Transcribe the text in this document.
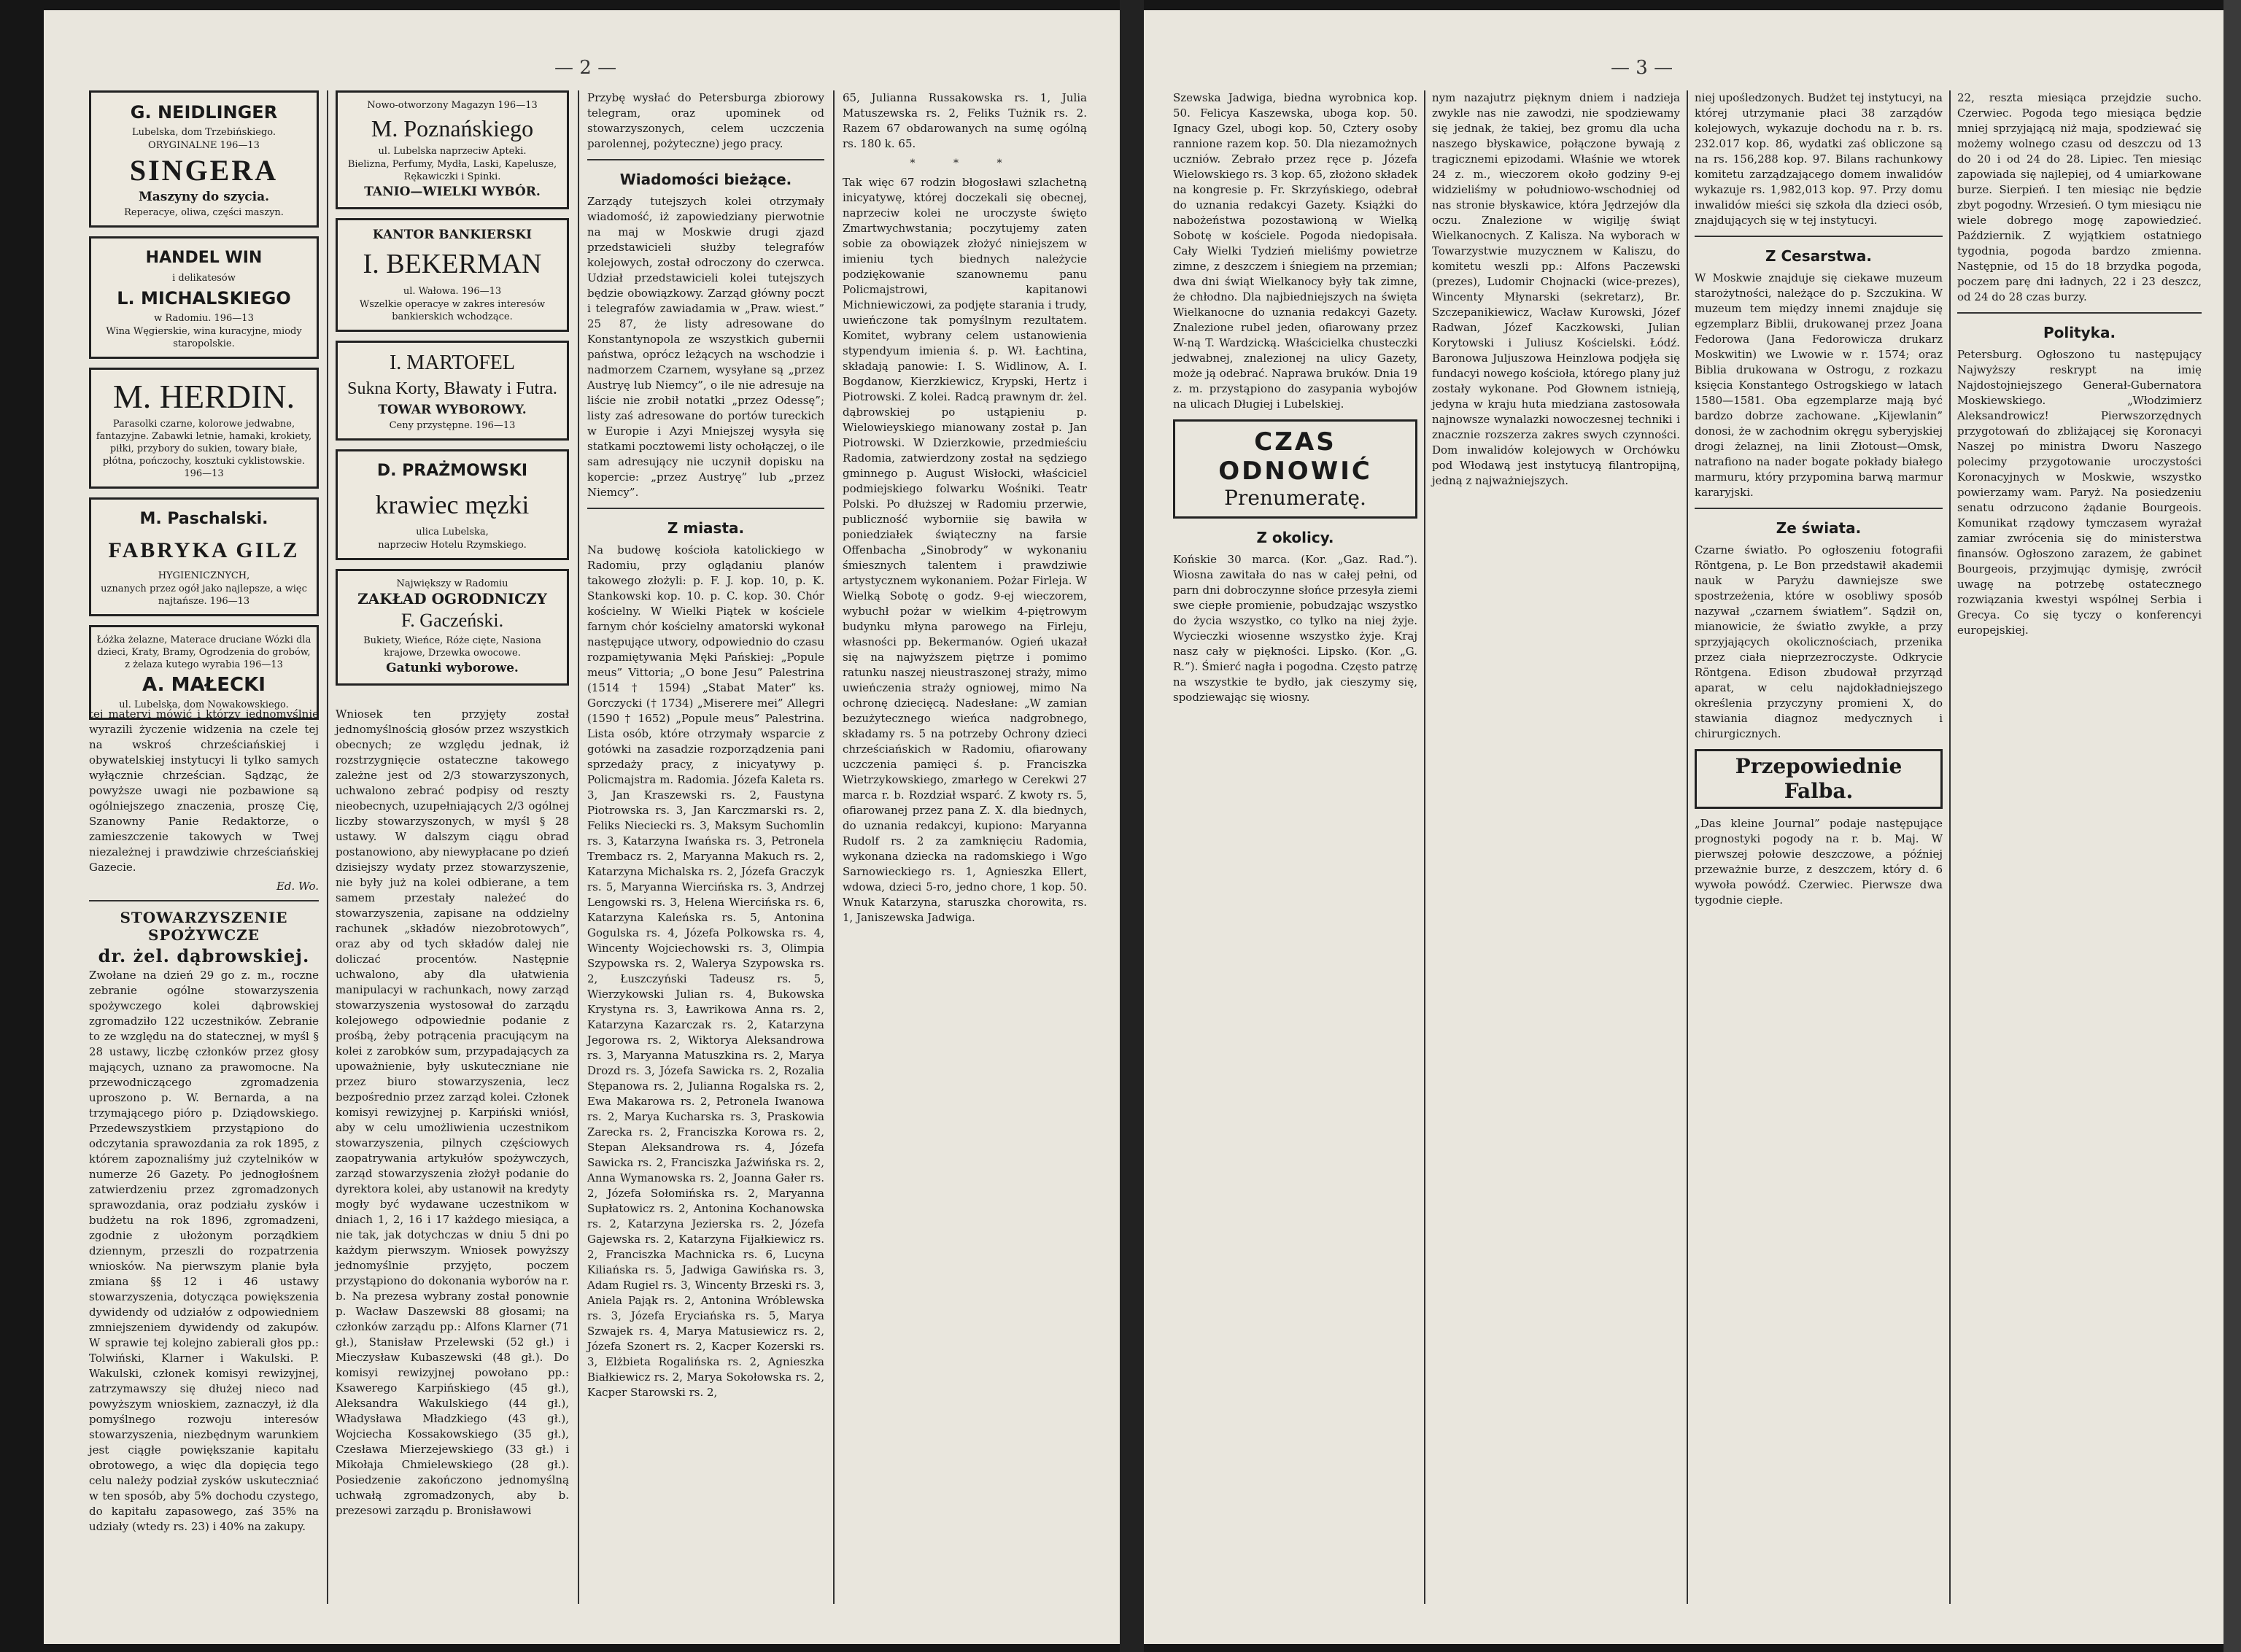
— 2 —
G. NEIDLINGER
Lubelska, dom Trzebińskiego.
ORYGINALNE 196—13
SINGERA
Maszyny do szycia.
Reperacye, oliwa, części maszyn.
HANDEL WIN
i delikatesów
L. MICHALSKIEGO
w Radomiu. 196—13
Wina Węgierskie, wina kuracyjne, miody staropolskie.
M. HERDIN.
Parasolki czarne, kolorowe jedwabne, fantazyjne. Zabawki letnie, hamaki, krokiety, piłki, przybory do sukien, towary białe, płótna, pończochy, kosztuki cyklistowskie. 196—13
M. Paschalski.
FABRYKA GILZ
HYGIENICZNYCH,
uznanych przez ogół jako najlepsze, a więc najtańsze. 196—13
Łóżka żelazne, Materace druciane Wózki dla dzieci, Kraty, Bramy, Ogrodzenia do grobów, z żelaza kutego wyrabia 196—13
A. MAŁECKI
ul. Lubelska, dom Nowakowskiego.
Nowo-otworzony Magazyn 196—13
M. Poznańskiego
ul. Lubelska naprzeciw Apteki.
Bielizna, Perfumy, Mydła, Laski, Kapelusze, Rękawiczki i Spinki.
TANIO—WIELKI WYBÓR.
KANTOR BANKIERSKI
I. BEKERMAN
ul. Wałowa. 196—13
Wszelkie operacye w zakres interesów bankierskich wchodzące.
I. MARTOFEL
Sukna Korty, Bławaty i Futra.
TOWAR WYBOROWY.
Ceny przystępne. 196—13
D. PRAŻMOWSKI
krawiec męzki
ulica Lubelska,
naprzeciw Hotelu Rzymskiego.
Największy w Radomiu
ZAKŁAD OGRODNICZY
F. Gaczeński.
Bukiety, Wieńce, Róże cięte, Nasiona krajowe, Drzewka owocowe.
Gatunki wyborowe.

tej materyi mówić i którzy jednomyślnie wyrazili życzenie widzenia na czele tej na wskroś chrześciańskiej i obywatelskiej instytucyi li tylko samych wyłącznie chrześcian. Sądząc, że powyższe uwagi nie pozbawione są ogólniejszego znaczenia, proszę Cię, Szanowny Panie Redaktorze, o zamieszczenie takowych w Twej niezależnej i prawdziwie chrześciańskiej Gazecie.

Ed. Wo.
STOWARZYSZENIE SPOŻYWCZE
dr. żel. dąbrowskiej.

Zwołane na dzień 29 go z. m., roczne zebranie ogólne stowarzyszenia spożywczego kolei dąbrowskiej zgromadziło 122 uczestników. Zebranie to ze względu na do statecznej, w myśl § 28 ustawy, liczbę członków przez głosy mających, uznano za prawomocne. Na przewodniczącego zgromadzenia uproszono p. W. Bernarda, a na trzymającego pióro p. Dziądowskiego. Przedewszystkiem przystąpiono do odczytania sprawozdania za rok 1895, z którem zapoznaliśmy już czytelników w numerze 26 Gazety. Po jednogłośnem zatwierdzeniu przez zgromadzonych sprawozdania, oraz podziału zysków i budżetu na rok 1896, zgromadzeni, zgodnie z ułożonym porządkiem dziennym, przeszli do rozpatrzenia wniosków. Na pierwszym planie była zmiana §§ 12 i 46 ustawy stowarzyszenia, dotycząca powiększenia dywidendy od udziałów z odpowiedniem zmniejszeniem dywidendy od zakupów. W sprawie tej kolejno zabierali głos pp.: Tolwiński, Klarner i Wakulski. P. Wakulski, członek komisyi rewizyjnej, zatrzymawszy się dłużej nieco nad powyższym wnioskiem, zaznaczył, iż dla pomyślnego rozwoju interesów stowarzyszenia, niezbędnym warunkiem jest ciągłe powiększanie kapitału obrotowego, a więc dla dopięcia tego celu należy podział zysków uskuteczniać w ten sposób, aby 5% dochodu czystego, do kapitału zapasowego, zaś 35% na udziały (wtedy rs. 23) i 40% na zakupy.

Wniosek ten przyjęty został jednomyślnością głosów przez wszystkich obecnych; ze względu jednak, iż rozstrzygnięcie ostateczne takowego zależne jest od 2/3 stowarzyszonych, uchwalono zebrać podpisy od reszty nieobecnych, uzupełniających 2/3 ogólnej liczby stowarzyszonych, w myśl § 28 ustawy. W dalszym ciągu obrad postanowiono, aby niewypłacane po dzień dzisiejszy wydaty przez stowarzyszenie, nie były już na kolei odbierane, a tem samem przestały należeć do stowarzyszenia, zapisane na oddzielny rachunek „składów niezobrotowych”, oraz aby od tych składów dalej nie doliczać procentów. Następnie uchwalono, aby dla ułatwienia manipulacyi w rachunkach, nowy zarząd stowarzyszenia wystosował do zarządu kolejowego odpowiednie podanie z prośbą, żeby potrącenia pracującym na kolei z zarobków sum, przypadających za upoważnienie, były uskuteczniane nie przez biuro stowarzyszenia, lecz bezpośrednio przez zarząd kolei. Członek komisyi rewizyjnej p. Karpiński wniósł, aby w celu umożliwienia uczestnikom stowarzyszenia, pilnych częściowych zaopatrywania artykułów spożywczych, zarząd stowarzyszenia złożył podanie do dyrektora kolei, aby ustanowił na kredyty mogły być wydawane uczestnikom w dniach 1, 2, 16 i 17 każdego miesiąca, a nie tak, jak dotychczas w dniu 5 dni po każdym pierwszym. Wniosek powyższy jednomyślnie przyjęto, poczem przystąpiono do dokonania wyborów na r. b. Na prezesa wybrany został ponownie p. Wacław Daszewski 88 głosami; na członków zarządu pp.: Alfons Klarner (71 gł.), Stanisław Przelewski (52 gł.) i Mieczysław Kubaszewski (48 gł.). Do komisyi rewizyjnej powołano pp.: Ksawerego Karpińskiego (45 gł.), Aleksandra Wakulskiego (44 gł.), Władysława Mładzkiego (43 gł.), Wojciecha Kossakowskiego (35 gł.), Czesława Mierzejewskiego (33 gł.) i Mikołaja Chmielewskiego (28 gł.). Posiedzenie zakończono jednomyślną uchwałą zgromadzonych, aby b. prezesowi zarządu p. Bronisławowi

Przybę wysłać do Petersburga zbiorowy telegram, oraz upominek od stowarzyszonych, celem uczczenia parolennej, pożyteczne) jego pracy.

Wiadomości bieżące.

Zarządy tutejszych kolei otrzymały wiadomość, iż zapowiedziany pierwotnie na maj w Moskwie drugi zjazd przedstawicieli służby telegrafów kolejowych, został odroczony do czerwca. Udział przedstawicieli kolei tutejszych będzie obowiązkowy. Zarząd główny poczt i telegrafów zawiadamia w „Praw. wiest.” 25 87, że listy adresowane do Konstantynopola ze wszystkich gubernii państwa, oprócz leżących na wschodzie i nadmorzem Czarnem, wysyłane są „przez Austryę lub Niemcy”, o ile nie adresuje na liście nie zrobił notatki „przez Odessę”; listy zaś adresowane do portów tureckich w Europie i Azyi Mniejszej wysyła się statkami pocztowemi listy ochołączej, o ile sam adresujący nie uczynił dopisku na kopercie: „przez Austryę” lub „przez Niemcy”.

Z miasta.

Na budowę kościoła katolickiego w Radomiu, przy oglądaniu planów takowego złożyli: p. F. J. kop. 10, p. K. Stankowski kop. 10. p. C. kop. 30. Chór kościelny. W Wielki Piątek w kościele farnym chór kościelny amatorski wykonał następujące utwory, odpowiednio do czasu rozpamiętywania Męki Pańskiej: „Popule meus” Vittoria; „O bone Jesu” Palestrina (1514 † 1594) „Stabat Mater” ks. Gorczycki († 1734) „Miserere mei” Allegri (1590 † 1652) „Popule meus” Palestrina. Lista osób, które otrzymały wsparcie z gotówki na zasadzie rozporządzenia pani sprzedaży pracy, z inicyatywy p. Policmajstra m. Radomia. Józefa Kaleta rs. 3, Jan Kraszewski rs. 2, Faustyna Piotrowska rs. 3, Jan Karczmarski rs. 2, Feliks Nieciecki rs. 3, Maksym Suchomlin rs. 3, Katarzyna Iwańska rs. 3, Petronela Trembacz rs. 2, Maryanna Makuch rs. 2, Katarzyna Michalska rs. 2, Józefa Graczyk rs. 5, Maryanna Wiercińska rs. 3, Andrzej Lengowski rs. 3, Helena Wiercińska rs. 6, Katarzyna Kaleńska rs. 5, Antonina Gogulska rs. 4, Józefa Polkowska rs. 4, Wincenty Wojciechowski rs. 3, Olimpia Szypowska rs. 2, Walerya Szypowska rs. 2, Łuszczyński Tadeusz rs. 5, Wierzykowski Julian rs. 4, Bukowska Krystyna rs. 3, Ławrikowa Anna rs. 2, Katarzyna Kazarczak rs. 2, Katarzyna Jegorowa rs. 2, Wiktorya Aleksandrowa rs. 3, Maryanna Matuszkina rs. 2, Marya Drozd rs. 3, Józefa Sawicka rs. 2, Rozalia Stępanowa rs. 2, Julianna Rogalska rs. 2, Ewa Makarowa rs. 2, Petronela Iwanowa rs. 2, Marya Kucharska rs. 3, Praskowia Zarecka rs. 2, Franciszka Korowa rs. 2, Stepan Aleksandrowa rs. 4, Józefa Sawicka rs. 2, Franciszka Jaźwińska rs. 2, Anna Wymanowska rs. 2, Joanna Gałer rs. 2, Józefa Sołomińska rs. 2, Maryanna Supłatowicz rs. 2, Antonina Kochanowska rs. 2, Katarzyna Jezierska rs. 2, Józefa Gajewska rs. 2, Katarzyna Fijałkiewicz rs. 2, Franciszka Machnicka rs. 6, Lucyna Kiliańska rs. 5, Jadwiga Gawińska rs. 3, Adam Rugiel rs. 3, Wincenty Brzeski rs. 3, Aniela Pająk rs. 2, Antonina Wróblewska rs. 3, Józefa Eryciańska rs. 5, Marya Szwajek rs. 4, Marya Matusiewicz rs. 2, Józefa Szonert rs. 2, Kacper Kozerski rs. 3, Elżbieta Rogalińska rs. 2, Agnieszka Białkiewicz rs. 2, Marya Sokołowska rs. 2, Kacper Starowski rs. 2,

65, Julianna Russakowska rs. 1, Julia Matuszewska rs. 2, Feliks Tużnik rs. 2. Razem 67 obdarowanych na sumę ogólną rs. 180 k. 65.

* * *

Tak więc 67 rodzin błogosławi szlachetną inicyatywę, której doczekali się obecnej, naprzeciw kolei ne uroczyste święto Zmartwychwstania; poczytujemy zaten sobie za obowiązek złożyć niniejszem w imieniu tych biednych należycie podziękowanie szanownemu panu Policmajstrowi, kapitanowi Michniewiczowi, za podjęte starania i trudy, uwieńczone tak pomyślnym rezultatem. Komitet, wybrany celem ustanowienia stypendyum imienia ś. p. Wł. Łachtina, składają panowie: I. S. Widlinow, A. I. Bogdanow, Kierzkiewicz, Krypski, Hertz i Piotrowski. Z kolei. Radcą prawnym dr. żel. dąbrowskiej po ustąpieniu p. Wielowieyskiego mianowany został p. Jan Piotrowski. W Dzierzkowie, przedmieściu Radomia, zatwierdzony został na sędziego gminnego p. August Wisłocki, właściciel podmiejskiego folwarku Wośniki. Teatr Polski. Po dłuższej w Radomiu przerwie, publiczność wyborniie się bawiła w poniedziałek świąteczny na farsie Offenbacha „Sinobrody” w wykonaniu śmiesznych talentem i prawdziwie artystycznem wykonaniem. Pożar Firleja. W Wielką Sobotę o godz. 9-ej wieczorem, wybuchł pożar w wielkim 4-piętrowym budynku młyna parowego na Firleju, własności pp. Bekermanów. Ogień ukazał się na najwyższem piętrze i pomimo ratunku naszej nieustraszonej straży, mimo uwieńczenia straży ogniowej, mimo Na ochronę dziecięcą. Nadesłane: „W zamian bezużytecznego wieńca nadgrobnego, składamy rs. 5 na potrzeby Ochrony dzieci chrześciańskich w Radomiu, ofiarowany uczczenia pamięci ś. p. Franciszka Wietrzykowskiego, zmarłego w Cerekwi 27 marca r. b. Rozdział wsparć. Z kwoty rs. 5, ofiarowanej przez pana Z. X. dla biednych, do uznania redakcyi, kupiono: Maryanna Rudolf rs. 2 za zamknięciu Radomia, wykonana dziecka na radomskiego i Wgo Sarnowieckiego rs. 1, Agnieszka Ellert, wdowa, dzieci 5-ro, jedno chore, 1 kop. 50. Wnuk Katarzyna, staruszka chorowita, rs. 1, Janiszewska Jadwiga.

— 3 —

Szewska Jadwiga, biedna wyrobnica kop. 50. Felicya Kaszewska, uboga kop. 50. Ignacy Gzel, ubogi kop. 50, Cztery osoby rannione razem kop. 50. Dla niezamożnych uczniów. Zebrało przez ręce p. Józefa Wielowskiego rs. 3 kop. 65, złożono składek na kongresie p. Fr. Skrzyńskiego, odebrał do uznania redakcyi Gazety. Książki do nabożeństwa pozostawioną w Wielką Sobotę w kościele. Pogoda niedopisała. Cały Wielki Tydzień mieliśmy powietrze zimne, z deszczem i śniegiem na przemian; dwa dni świąt Wielkanocy były tak zimne, że chłodno. Dla najbiedniejszych na święta Wielkanocne do uznania redakcyi Gazety. Znalezione rubel jeden, ofiarowany przez W-ną T. Wardzicką. Właścicielka chusteczki jedwabnej, znalezionej na ulicy Gazety, może ją odebrać. Naprawa bruków. Dnia 19 z. m. przystąpiono do zasypania wybojów na ulicach Długiej i Lubelskiej.

CZAS ODNOWIĆ
Prenumeratę.
Z okolicy.

Końskie 30 marca. (Kor. „Gaz. Rad.”). Wiosna zawitała do nas w całej pełni, od parn dni dobroczynne słońce przesyła ziemi swe ciepłe promienie, pobudzając wszystko do życia wszystko, co tylko na niej żyje. Wycieczki wiosenne wszystko żyje. Kraj nasz cały w piękności. Lipsko. (Kor. „G. R.”). Śmierć nagła i pogodna. Często patrzę na wszystkie te bydło, jak cieszymy się, spodziewając się wiosny.

nym nazajutrz pięknym dniem i nadzieja zwykle nas nie zawodzi, nie spodziewamy się jednak, że takiej, bez gromu dla ucha naszego błyskawice, połączone bywają z tragicznemi epizodami. Właśnie we wtorek 24 z. m., wieczorem około godziny 9-ej widzieliśmy w południowo-wschodniej od nas stronie błyskawice, która Jędrzejów dla oczu. Znalezione w wigilję świąt Wielkanocnych. Z Kalisza. Na wyborach w Towarzystwie muzycznem w Kaliszu, do komitetu weszli pp.: Alfons Paczewski (prezes), Ludomir Chojnacki (wice-prezes), Wincenty Młynarski (sekretarz), Br. Szczepanikiewicz, Wacław Kurowski, Józef Radwan, Józef Kaczkowski, Julian Korytowski i Juliusz Kościelski. Łódź. Baronowa Juljuszowa Heinzlowa podjęła się fundacyi nowego kościoła, którego plany już zostały wykonane. Pod Głownem istnieją, jedyna w kraju huta miedziana zastosowała najnowsze wynalazki nowoczesnej techniki i znacznie rozszerza zakres swych czynności. Dom inwalidów kolejowych w Orchówku pod Włodawą jest instytucyą filantropijną, jedną z najważniejszych.

niej upośledzonych. Budżet tej instytucyi, na której utrzymanie płaci 38 zarządów kolejowych, wykazuje dochodu na r. b. rs. 232.017 kop. 86, wydatki zaś obliczone są na rs. 156,288 kop. 97. Bilans rachunkowy komitetu zarządzającego domem inwalidów wykazuje rs. 1,982,013 kop. 97. Przy domu inwalidów mieści się szkoła dla dzieci osób, znajdujących się w tej instytucyi.

Z Cesarstwa.

W Moskwie znajduje się ciekawe muzeum starożytności, należące do p. Szczukina. W muzeum tem między innemi znajduje się egzemplarz Biblii, drukowanej przez Joana Fedorowa (Jana Fedorowicza drukarz Moskwitin) we Lwowie w r. 1574; oraz Biblia drukowana w Ostrogu, z rozkazu księcia Konstantego Ostrogskiego w latach 1580—1581. Oba egzemplarze mają być bardzo dobrze zachowane. „Kijewlanin” donosi, że w zachodnim okręgu syberyjskiej drogi żelaznej, na linii Złotoust—Omsk, natrafiono na nader bogate pokłady białego marmuru, który przypomina barwą marmur kararyjski.

Ze świata.

Czarne światło. Po ogłoszeniu fotografii Röntgena, p. Le Bon przedstawił akademii nauk w Paryżu dawniejsze swe spostrzeżenia, które w osobliwy sposób nazywał „czarnem światłem”. Sądził on, mianowicie, że światło zwykłe, a przy sprzyjających okolicznościach, przenika przez ciała nieprzezroczyste. Odkrycie Röntgena. Edison zbudował przyrząd aparat, w celu najdokładniejszego określenia przyczyny promieni X, do stawiania diagnoz medycznych i chirurgicznych.

Przepowiednie Falba.

„Das kleine Journal” podaje następujące prognostyki pogody na r. b. Maj. W pierwszej połowie deszczowe, a później przeważnie burze, z deszczem, który d. 6 wywoła powódź. Czerwiec. Pierwsze dwa tygodnie ciepłe.

22, reszta miesiąca przejdzie sucho. Czerwiec. Pogoda tego miesiąca będzie mniej sprzyjającą niż maja, spodziewać się możemy wolnego czasu od deszczu od 13 do 20 i od 24 do 28. Lipiec. Ten miesiąc zapowiada się najlepiej, od 4 umiarkowane burze. Sierpień. I ten miesiąc nie będzie zbyt pogodny. Wrzesień. O tym miesiącu nie wiele dobrego mogę zapowiedzieć. Październik. Z wyjątkiem ostatniego tygodnia, pogoda bardzo zmienna. Następnie, od 15 do 18 brzydka pogoda, poczem parę dni ładnych, 22 i 23 deszcz, od 24 do 28 czas burzy.

Polityka.

Petersburg. Ogłoszono tu następujący Najwyższy reskrypt na imię Najdostojniejszego Generał-Gubernatora Moskiewskiego. „Włodzimierz Aleksandrowicz! Pierwszorzędnych przygotowań do zbliżającej się Koronacyi Naszej po ministra Dworu Naszego polecimy przygotowanie uroczystości Koronacyjnych w Moskwie, wszystko powierzamy wam. Paryż. Na posiedzeniu senatu odrzucono żądanie Bourgeois. Komunikat rządowy tymczasem wyrażał zamiar zwrócenia się do ministerstwa finansów. Ogłoszono zarazem, że gabinet Bourgeois, przyjmując dymisję, zwrócił uwagę na potrzebę ostatecznego rozwiązania kwestyi wspólnej Serbia i Grecya. Co się tyczy o konferencyi europejskiej.
